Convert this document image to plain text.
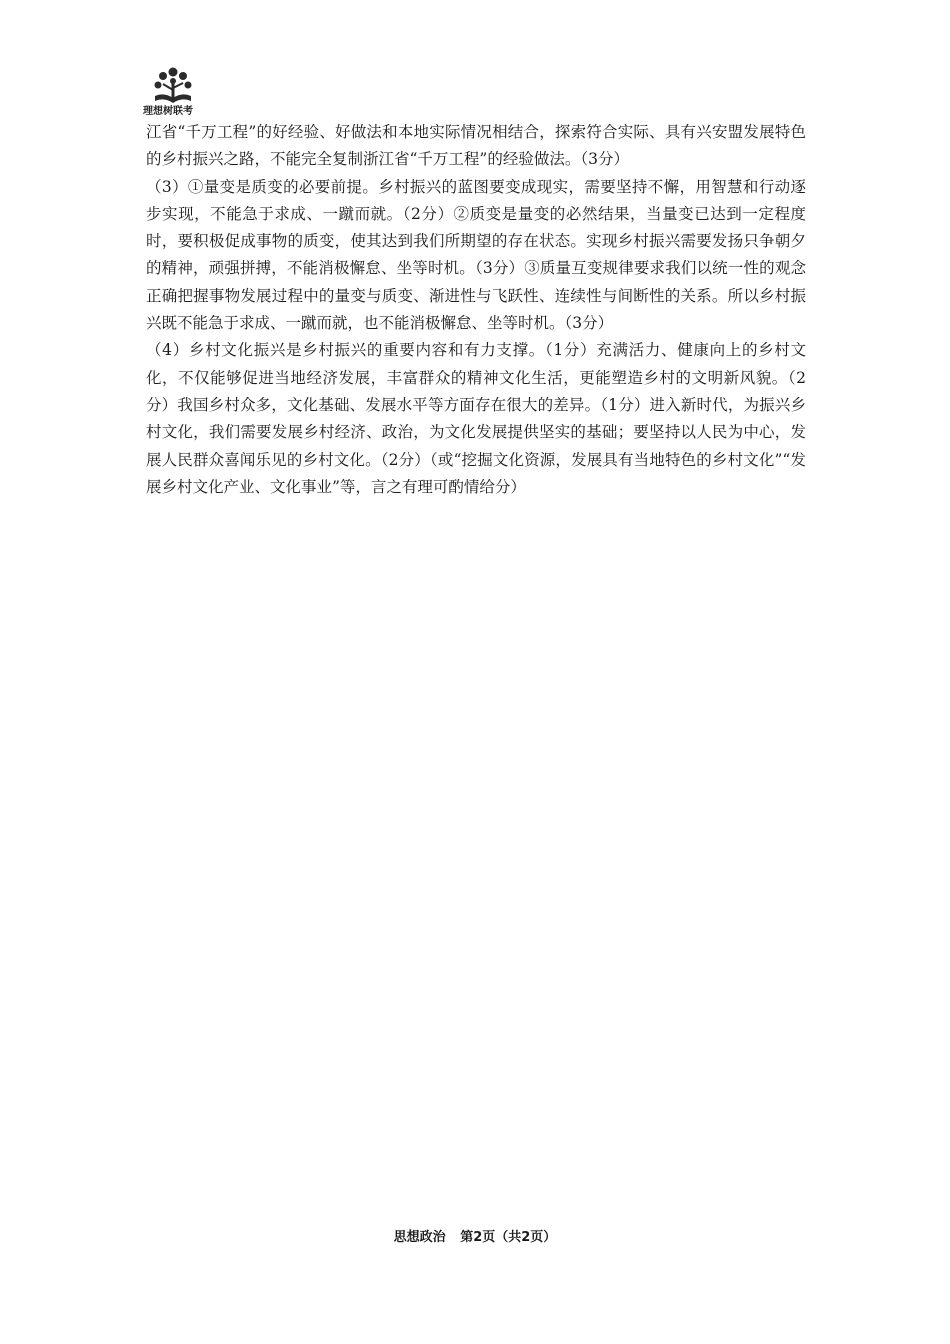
理想树联考

江省“千万工程”的好经验、好做法和本地实际情况相结合，探索符合实际、具有兴安盟发展特色的乡村振兴之路，不能完全复制浙江省“千万工程”的经验做法。（3分）

（3）①量变是质变的必要前提。乡村振兴的蓝图要变成现实，需要坚持不懈，用智慧和行动逐步实现，不能急于求成、一蹴而就。（2分）②质变是量变的必然结果，当量变已达到一定程度时，要积极促成事物的质变，使其达到我们所期望的存在状态。实现乡村振兴需要发扬只争朝夕的精神，顽强拼搏，不能消极懈怠、坐等时机。（3分）③质量互变规律要求我们以统一性的观念正确把握事物发展过程中的量变与质变、渐进性与飞跃性、连续性与间断性的关系。所以乡村振兴既不能急于求成、一蹴而就，也不能消极懈怠、坐等时机。（3分）

（4）乡村文化振兴是乡村振兴的重要内容和有力支撑。（1分）充满活力、健康向上的乡村文化，不仅能够促进当地经济发展，丰富群众的精神文化生活，更能塑造乡村的文明新风貌。（2分）我国乡村众多，文化基础、发展水平等方面存在很大的差异。（1分）进入新时代，为振兴乡村文化，我们需要发展乡村经济、政治，为文化发展提供坚实的基础；要坚持以人民为中心，发展人民群众喜闻乐见的乡村文化。（2分）（或“挖掘文化资源，发展具有当地特色的乡村文化”“发展乡村文化产业、文化事业”等，言之有理可酌情给分）

思想政治 第2页（共2页）
